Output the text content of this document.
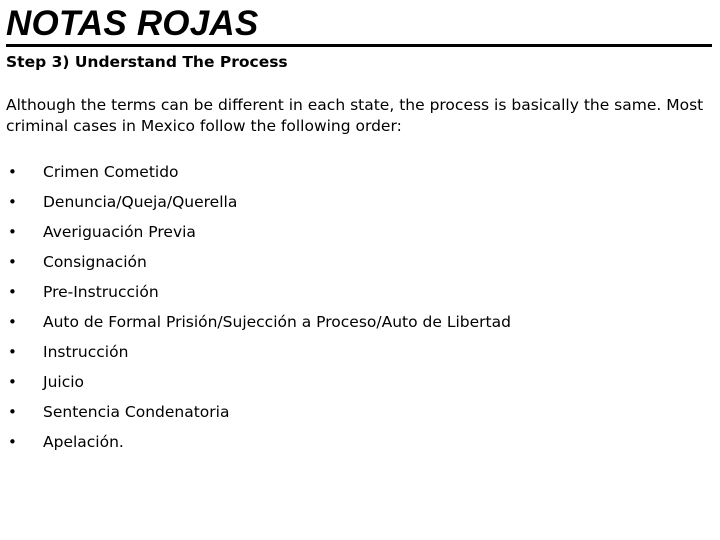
NOTAS ROJAS
Step 3) Understand The Process

Although the terms can be different in each state, the process is basically the same. Most criminal cases in Mexico follow the following order:

• Crimen Cometido
• Denuncia/Queja/Querella
• Averiguación Previa
• Consignación
• Pre-Instrucción
• Auto de Formal Prisión/Sujección a Proceso/Auto de Libertad
• Instrucción
• Juicio
• Sentencia Condenatoria
• Apelación.
